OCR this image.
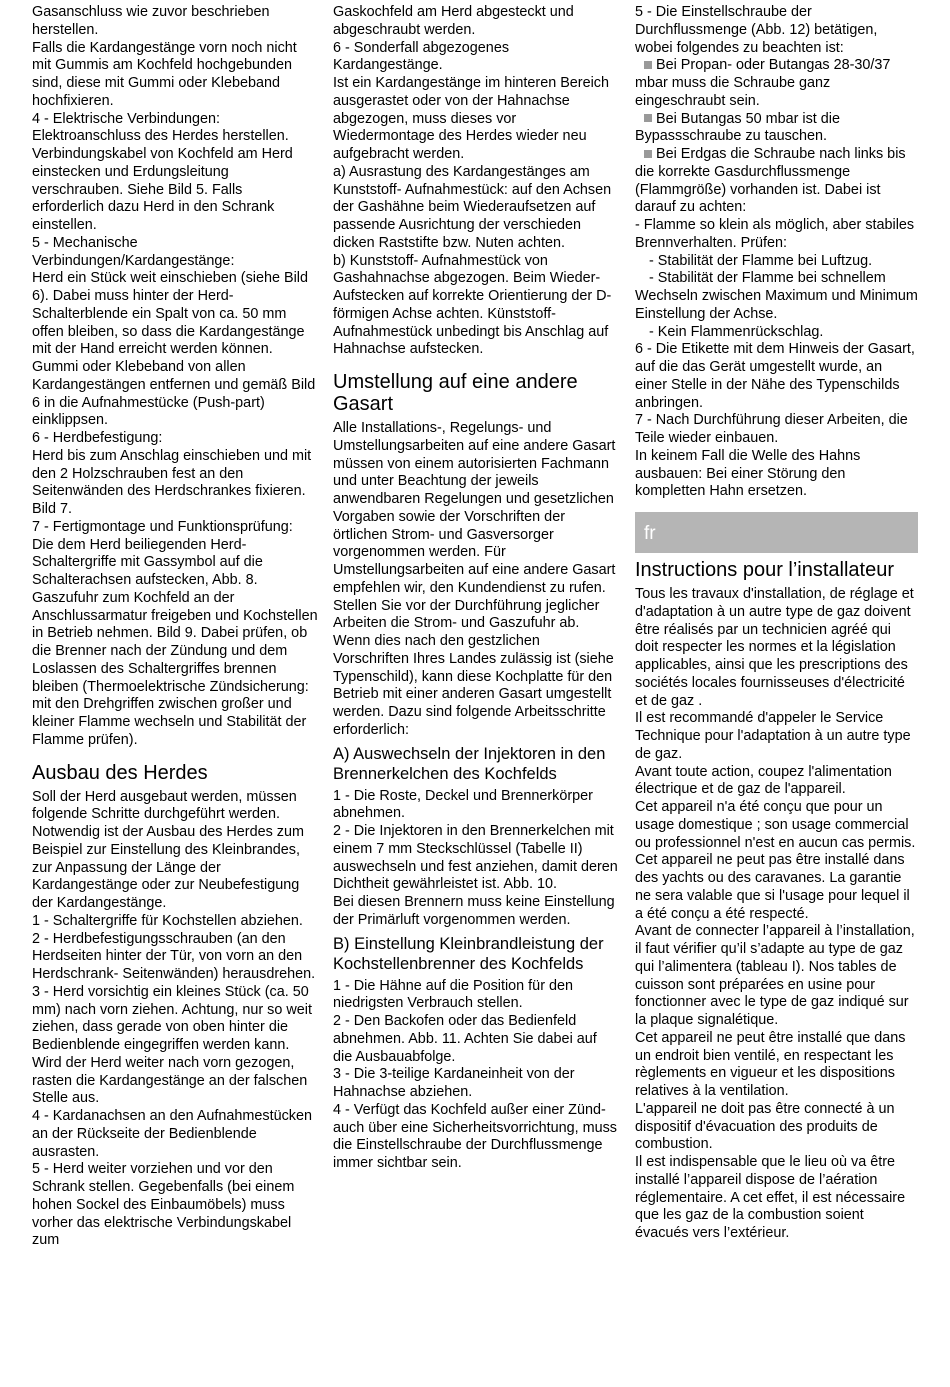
Gasanschluss wie zuvor beschrieben herstellen.

Falls die Kardangestänge vorn noch nicht mit Gummis am Kochfeld hochgebunden sind, diese mit Gummi oder Klebeband hochfixieren.

4 - Elektrische Verbindungen: Elektroanschluss des Herdes herstellen.

Verbindungskabel von Kochfeld am Herd einstecken und Erdungsleitung verschrauben. Siehe Bild 5. Falls erforderlich dazu Herd in den Schrank einstellen.

5 - Mechanische Verbindungen/Kardangestänge:

Herd ein Stück weit einschieben (siehe Bild 6). Dabei muss hinter der Herd-Schalterblende ein Spalt von ca. 50 mm offen bleiben, so dass die Kardangestänge mit der Hand erreicht werden können. Gummi oder Klebeband von allen Kardangestängen entfernen und gemäß Bild 6 in die Aufnahmestücke (Push-part) einklippsen.

6 - Herdbefestigung:

Herd bis zum Anschlag einschieben und mit den 2 Holzschrauben fest an den Seitenwänden des Herdschrankes fixieren. Bild 7.

7 - Fertigmontage und Funktionsprüfung:

Die dem Herd beiliegenden Herd-Schaltergriffe mit Gassymbol auf die Schalterachsen aufstecken, Abb. 8. Gaszufuhr zum Kochfeld an der Anschlussarmatur freigeben und Kochstellen in Betrieb nehmen. Bild 9. Dabei prüfen, ob die Brenner nach der Zündung und dem Loslassen des Schaltergriffes brennen bleiben (Thermoelektrische Zündsicherung: mit den Drehgriffen zwischen großer und kleiner Flamme wechseln und Stabilität der Flamme prüfen).

Ausbau des Herdes

Soll der Herd ausgebaut werden, müssen folgende Schritte durchgeführt werden. Notwendig ist der Ausbau des Herdes zum Beispiel zur Einstellung des Kleinbrandes, zur Anpassung der Länge der Kardangestänge oder zur Neubefestigung der Kardangestänge.

1 - Schaltergriffe für Kochstellen abziehen.

2 - Herdbefestigungsschrauben (an den Herdseiten hinter der Tür, von vorn an den Herdschrank- Seitenwänden) herausdrehen.

3 - Herd vorsichtig ein kleines Stück (ca. 50 mm) nach vorn ziehen. Achtung, nur so weit ziehen, dass gerade von oben hinter die Bedienblende eingegriffen werden kann. Wird der Herd weiter nach vorn gezogen, rasten die Kardangestänge an der falschen Stelle aus.

4 - Kardanachsen an den Aufnahmestücken an der Rückseite der Bedienblende ausrasten.

5 - Herd weiter vorziehen und vor den Schrank stellen. Gegebenfalls (bei einem hohen Sockel des Einbaumöbels) muss vorher das elektrische Verbindungskabel zum

Gaskochfeld am Herd abgesteckt und abgeschraubt werden.

6 - Sonderfall abgezogenes Kardangestänge.

Ist ein Kardangestänge im hinteren Bereich ausgerastet oder von der Hahnachse abgezogen, muss dieses vor Wiedermontage des Herdes wieder neu aufgebracht werden.

a) Ausrastung des Kardangestänges am Kunststoff- Aufnahmestück: auf den Achsen der Gashähne beim Wiederaufsetzen auf passende Ausrichtung der verschieden dicken Raststifte bzw. Nuten achten.

b) Kunststoff- Aufnahmestück von Gashahnachse abgezogen. Beim Wieder- Aufstecken auf korrekte Orientierung der D-förmigen Achse achten. Künststoff- Aufnahmestück unbedingt bis Anschlag auf Hahnachse aufstecken.

Umstellung auf eine andere Gasart

Alle Installations-, Regelungs- und Umstellungsarbeiten auf eine andere Gasart müssen von einem autorisierten Fachmann und unter Beachtung der jeweils anwendbaren Regelungen und gesetzlichen Vorgaben sowie der Vorschriften der örtlichen Strom- und Gasversorger vorgenommen werden. Für Umstellungsarbeiten auf eine andere Gasart empfehlen wir, den Kundendienst zu rufen.

Stellen Sie vor der Durchführung jeglicher Arbeiten die Strom- und Gaszufuhr ab.

Wenn dies nach den gestzlichen Vorschriften Ihres Landes zulässig ist (siehe Typenschild), kann diese Kochplatte für den Betrieb mit einer anderen Gasart umgestellt werden. Dazu sind folgende Arbeitsschritte erforderlich:

A) Auswechseln der Injektoren in den Brennerkelchen des Kochfelds

1 - Die Roste, Deckel und Brennerkörper abnehmen.

2 - Die Injektoren in den Brennerkelchen mit einem 7 mm Steckschlüssel (Tabelle II) auswechseln und fest anziehen, damit deren Dichtheit gewährleistet ist. Abb. 10.

Bei diesen Brennern muss keine Einstellung der Primärluft vorgenommen werden.

B) Einstellung Kleinbrandleistung der Kochstellenbrenner des Kochfelds

1 - Die Hähne auf die Position für den niedrigsten Verbrauch stellen.

2 - Den Backofen oder das Bedienfeld abnehmen. Abb. 11. Achten Sie dabei auf die Ausbauabfolge.

3 - Die 3-teilige Kardaneinheit von der Hahnachse abziehen.

4 - Verfügt das Kochfeld außer einer Zünd- auch über eine Sicherheitsvorrichtung, muss die Einstellschraube der Durchflussmenge immer sichtbar sein.

5 - Die Einstellschraube der Durchflussmenge (Abb. 12) betätigen, wobei folgendes zu beachten ist:

Bei Propan- oder Butangas 28-30/37 mbar muss die Schraube ganz eingeschraubt sein.

Bei Butangas 50 mbar ist die Bypassschraube zu tauschen.

Bei Erdgas die Schraube nach links bis die korrekte Gasdurchflussmenge (Flammgröße) vorhanden ist. Dabei ist darauf zu achten:

- Flamme so klein als möglich, aber stabiles Brennverhalten. Prüfen:

- Stabilität der Flamme bei Luftzug.

- Stabilität der Flamme bei schnellem Wechseln zwischen Maximum und Minimum Einstellung der Achse.

- Kein Flammenrückschlag.

6 - Die Etikette mit dem Hinweis der Gasart, auf die das Gerät umgestellt wurde, an einer Stelle in der Nähe des Typenschilds anbringen.

7 - Nach Durchführung dieser Arbeiten, die Teile wieder einbauen.

In keinem Fall die Welle des Hahns ausbauen: Bei einer Störung den kompletten Hahn ersetzen.

fr
Instructions pour l’installateur

Tous les travaux d'installation, de réglage et d'adaptation à un autre type de gaz doivent être réalisés par un technicien agréé qui doit respecter les normes et la législation applicables, ainsi que les prescriptions des sociétés locales fournisseuses d'électricité et de gaz .

Il est recommandé d'appeler le Service Technique pour l'adaptation à un autre type de gaz.

Avant toute action, coupez l'alimentation électrique et de gaz de l'appareil.

Cet appareil n'a été conçu que pour un usage domestique ; son usage commercial ou professionnel n'est en aucun cas permis. Cet appareil ne peut pas être installé dans des yachts ou des caravanes. La garantie ne sera valable que si l'usage pour lequel il a été conçu a été respecté.

Avant de connecter l’appareil à l’installation, il faut vérifier qu’il s’adapte au type de gaz qui l’alimentera (tableau I). Nos tables de cuisson sont préparées en usine pour fonctionner avec le type de gaz indiqué sur la plaque signalétique.

Cet appareil ne peut être installé que dans un endroit bien ventilé, en respectant les règlements en vigueur et les dispositions relatives à la ventilation.

L'appareil ne doit pas être connecté à un dispositif d'évacuation des produits de combustion.

Il est indispensable que le lieu où va être installé l’appareil dispose de l’aération réglementaire. A cet effet, il est nécessaire que les gaz de la combustion soient évacués vers l’extérieur.
